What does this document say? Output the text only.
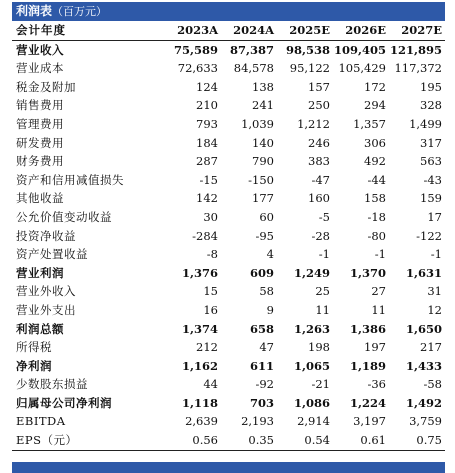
利润表（百万元）
会计年度	2023A	2024A	2025E	2026E	2027E
营业收入	75,589	87,387	98,538	109,405	121,895
营业成本	72,633	84,578	95,122	105,429	117,372
税金及附加	124	138	157	172	195
销售费用	210	241	250	294	328
管理费用	793	1,039	1,212	1,357	1,499
研发费用	184	140	246	306	317
财务费用	287	790	383	492	563
资产和信用减值损失	-15	-150	-47	-44	-43
其他收益	142	177	160	158	159
公允价值变动收益	30	60	-5	-18	17
投资净收益	-284	-95	-28	-80	-122
资产处置收益	-8	4	-1	-1	-1
营业利润	1,376	609	1,249	1,370	1,631
营业外收入	15	58	25	27	31
营业外支出	16	9	11	11	12
利润总额	1,374	658	1,263	1,386	1,650
所得税	212	47	198	197	217
净利润	1,162	611	1,065	1,189	1,433
少数股东损益	44	-92	-21	-36	-58
归属母公司净利润	1,118	703	1,086	1,224	1,492
EBITDA	2,639	2,193	2,914	3,197	3,759
EPS（元）	0.56	0.35	0.54	0.61	0.75
